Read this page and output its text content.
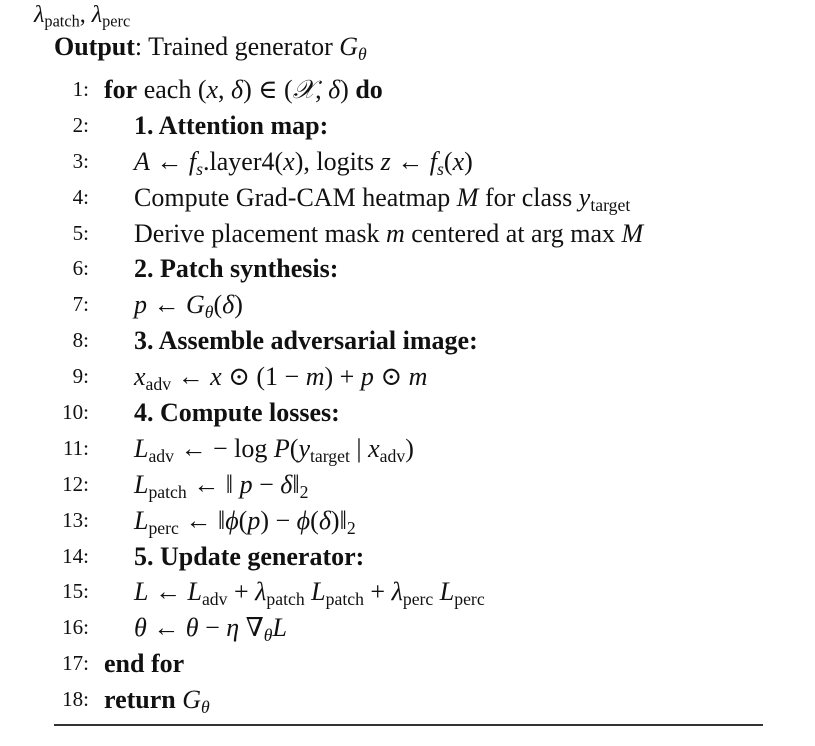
$\lambda_{patch}$, $\lambda_{perc}$
Output: Trained generator $G_\theta$
1: for each (x, δ) ∈ (𝒳, δ) do
2: 1. Attention map:
3: A ← $f_s.layer4(x)$, logits z ← $f_s(x)$
4: Compute Grad-CAM heatmap M for class $y_{target}$
5: Derive placement mask m centered at arg max M
6: 2. Patch synthesis:
7: p ← $G_\theta(\delta)$
8: 3. Assemble adversarial image:
9: $x_{adv}$ ← x ⊙ (1 − m) + p ⊙ m
10: 4. Compute losses:
11: $L_{adv}$ ← − $\log P(y_{target}$ | $x_{adv}$)
12: $L_{patch}$ ← ‖ $p - \delta‖_2$
13: $L_{perc}$ ← ‖ϕ(p) − $\phi(\delta)‖_2$
14: 5. Update generator:
15: L ← $L_{adv} + \lambda_{patch}$ $L_{patch} + \lambda_{perc}$ $L_{perc}$
16: θ ← θ − η $\nabla_\theta L$
17: end for
18: return $G_\theta$
